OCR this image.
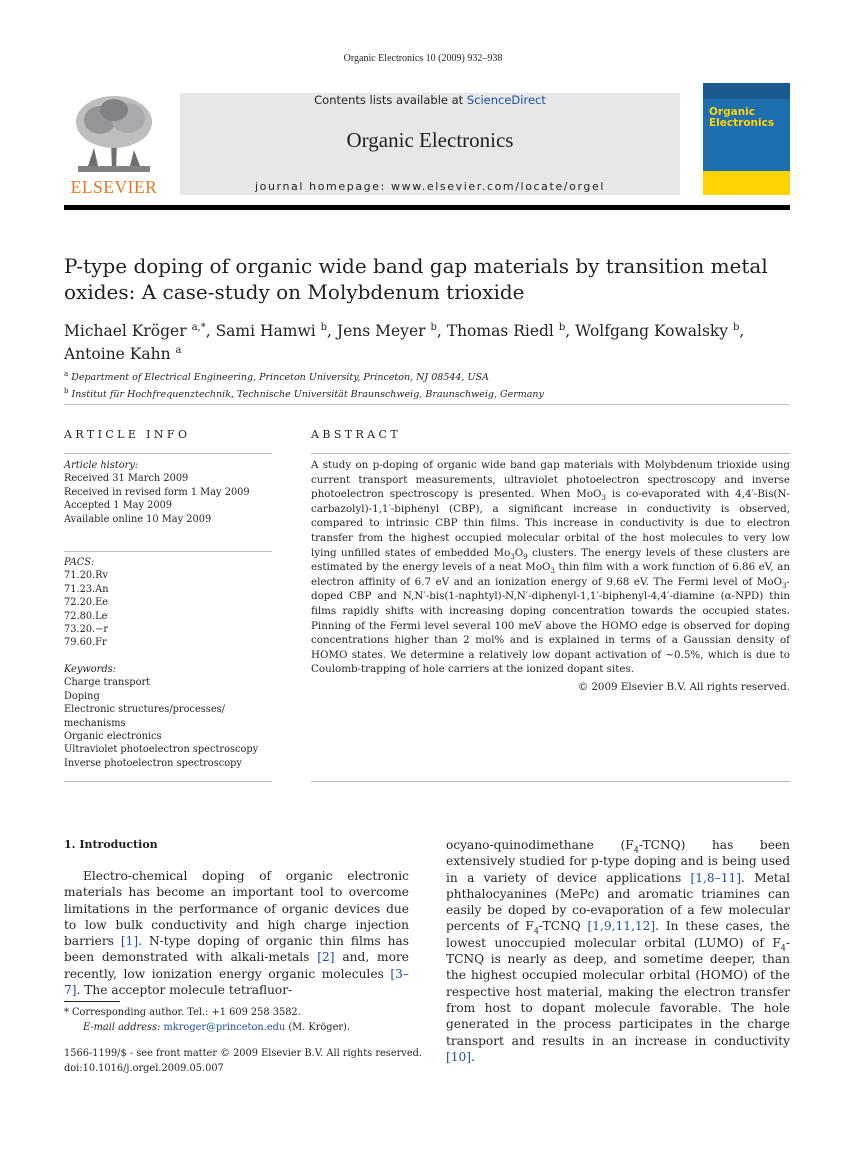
Organic Electronics 10 (2009) 932–938
ELSEVIER
Contents lists available at ScienceDirect
Organic Electronics
journal homepage: www.elsevier.com/locate/orgel
Organic
Electronics
P-type doping of organic wide band gap materials by transition metal oxides: A case-study on Molybdenum trioxide
Michael Kröger $^{a,*}$, Sami Hamwi $^b$, Jens Meyer $^b$, Thomas Riedl $^b$, Wolfgang Kowalsky $^b$,
Antoine Kahn $^a$
$^a$ Department of Electrical Engineering, Princeton University, Princeton, NJ 08544, USA
$^b$ Institut für Hochfrequenztechnik, Technische Universität Braunschweig, Braunschweig, Germany
ARTICLE INFO	ABSTRACT
Article history:
Received 31 March 2009
Received in revised form 1 May 2009
Accepted 1 May 2009
Available online 10 May 2009
PACS:
71.20.Rv
71.23.An
72.20.Ee
72.80.Le
73.20.−r
79.60.Fr
Keywords:
Charge transport
Doping
Electronic structures/processes/
mechanisms
Organic electronics
Ultraviolet photoelectron spectroscopy
Inverse photoelectron spectroscopy
A study on p-doping of organic wide band gap materials with Molybdenum trioxide using current transport measurements, ultraviolet photoelectron spectroscopy and inverse photoelectron spectroscopy is presented. When MoO$_3$ is co-evaporated with 4,4′-Bis(N-carbazolyl)-1,1′-biphenyl (CBP), a significant increase in conductivity is observed, compared to intrinsic CBP thin films. This increase in conductivity is due to electron transfer from the highest occupied molecular orbital of the host molecules to very low lying unfilled states of embedded $Mo_3O_9$ clusters. The energy levels of these clusters are estimated by the energy levels of a neat MoO$_3$ thin film with a work function of 6.86 eV, an electron affinity of 6.7 eV and an ionization energy of 9.68 eV. The Fermi level of MoO$_3$-doped CBP and N,N′-bis(1-naphtyl)-N,N′-diphenyl-1,1′-biphenyl-4,4′-diamine (α-NPD) thin films rapidly shifts with increasing doping concentration towards the occupied states. Pinning of the Fermi level several 100 meV above the HOMO edge is observed for doping concentrations higher than 2 mol% and is explained in terms of a Gaussian density of HOMO states. We determine a relatively low dopant activation of ∼0.5%, which is due to Coulomb-trapping of hole carriers at the ionized dopant sites.
© 2009 Elsevier B.V. All rights reserved.
1. Introduction
Electro-chemical doping of organic electronic materials has become an important tool to overcome limitations in the performance of organic devices due to low bulk conductivity and high charge injection barriers [1]. N-type doping of organic thin films has been demonstrated with alkali-metals [2] and, more recently, low ionization energy organic molecules [3–7]. The acceptor molecule tetrafluor-
ocyano-quinodimethane $(F_4-TCNQ)$ has been extensively studied for p-type doping and is being used in a variety of device applications [1,8–11]. Metal phthalocyanines (MePc) and aromatic triamines can easily be doped by co-evaporation of a few molecular percents of $F_4$-TCNQ [1,9,11,12]. In these cases, the lowest unoccupied molecular orbital (LUMO) of $F_4$-TCNQ is nearly as deep, and sometime deeper, than the highest occupied molecular orbital (HOMO) of the respective host material, making the electron transfer from host to dopant molecule favorable. The hole generated in the process participates in the charge transport and results in an increase in conductivity [10].
* Corresponding author. Tel.: +1 609 258 3582.
E-mail address: mkroger@princeton.edu (M. Kröger).
1566-1199/$ - see front matter © 2009 Elsevier B.V. All rights reserved.
doi:10.1016/j.orgel.2009.05.007
